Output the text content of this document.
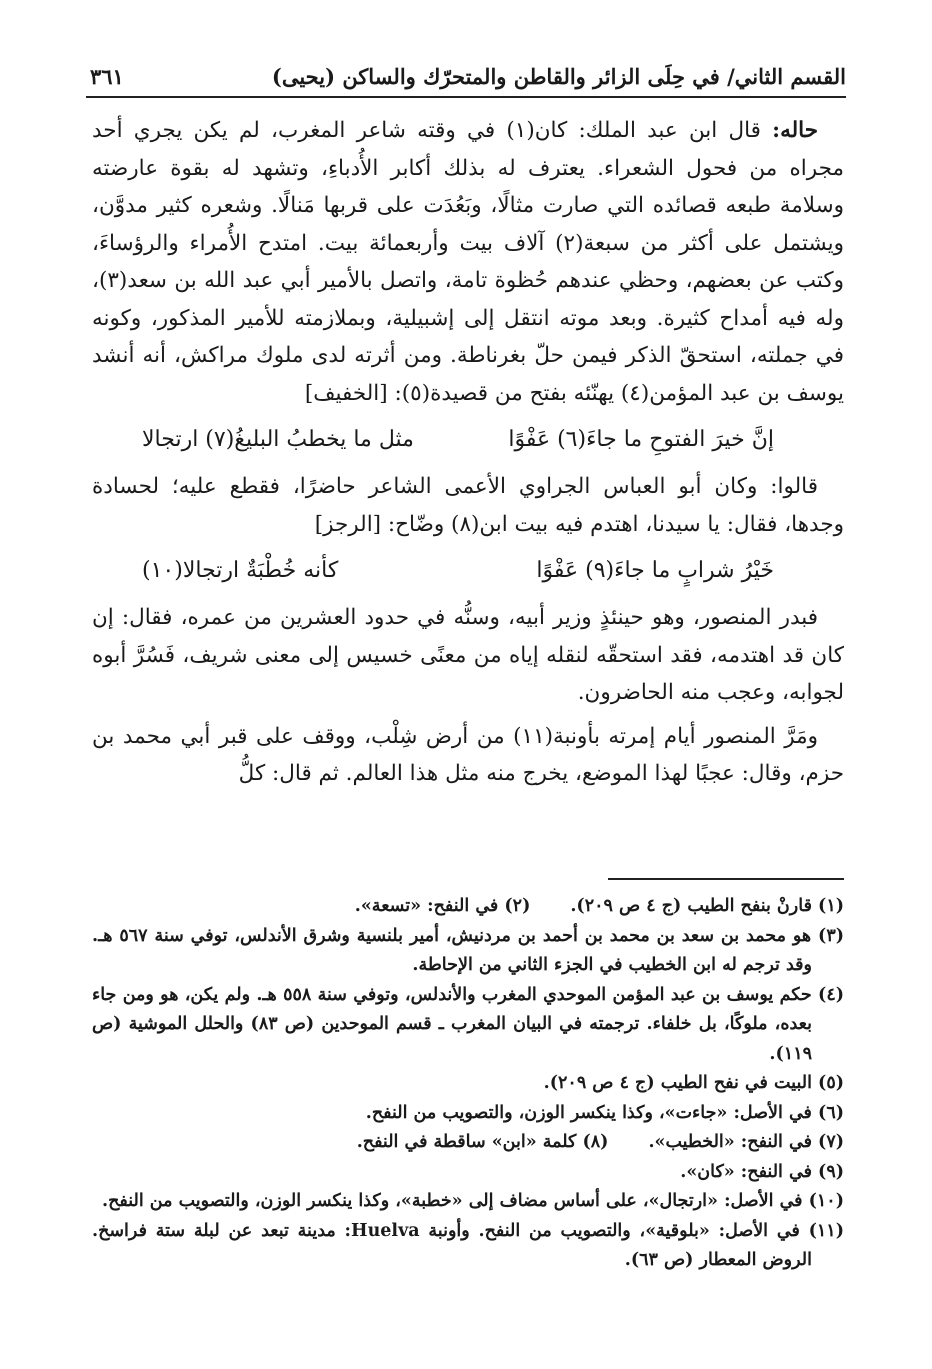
القسم الثاني/ في حِلَى الزائر والقاطن والمتحرّك والساكن (يحيى)
٣٦١

حاله: قال ابن عبد الملك: كان(١) في وقته شاعر المغرب، لم يكن يجري أحد مجراه من فحول الشعراء. يعترف له بذلك أكابر الأُدباءِ، وتشهد له بقوة عارضته وسلامة طبعه قصائده التي صارت مثالًا، وبَعُدَت على قربها مَنالًا. وشعره كثير مدوَّن، ويشتمل على أكثر من سبعة(٢) آلاف بيت وأربعمائة بيت. امتدح الأُمراء والرؤساءَ، وكتب عن بعضهم، وحظي عندهم حُظوة تامة، واتصل بالأمير أبي عبد الله بن سعد(٣)، وله فيه أمداح كثيرة. وبعد موته انتقل إلى إشبيلية، وبملازمته للأمير المذكور، وكونه في جملته، استحقّ الذكر فيمن حلّ بغرناطة. ومن أثرته لدى ملوك مراكش، أنه أنشد يوسف بن عبد المؤمن(٤) يهنّئه بفتح من قصيدة(٥): [الخفيف]

إنَّ خيرَ الفتوحِ ما جاءَ(٦) عَفْوًا
مثل ما يخطبُ البليغُ(٧) ارتجالا

قالوا: وكان أبو العباس الجراوي الأعمى الشاعر حاضرًا، فقطع عليه؛ لحسادة وجدها، فقال: يا سيدنا، اهتدم فيه بيت ابن(٨) وضّاح: [الرجز]

خَيْرُ شرابٍ ما جاءَ(٩) عَفْوًا
كأنه خُطْبَةٌ ارتجالا(١٠)

فبدر المنصور، وهو حينئذٍ وزير أبيه، وسنُّه في حدود العشرين من عمره، فقال: إن كان قد اهتدمه، فقد استحقّه لنقله إياه من معنًى خسيس إلى معنى شريف، فَسُرَّ أبوه لجوابه، وعجب منه الحاضرون.

ومَرَّ المنصور أيام إمرته بأونبة(١١) من أرض شِلْب، ووقف على قبر أبي محمد بن حزم، وقال: عجبًا لهذا الموضع، يخرج منه مثل هذا العالم. ثم قال: كلُّ

(١) قارنْ بنفح الطيب (ج ٤ ص ٢٠٩).

(٢) في النفح: «تسعة».

(٣) هو محمد بن سعد بن محمد بن أحمد بن مردنيش، أمير بلنسية وشرق الأندلس، توفي سنة ٥٦٧ هـ. وقد ترجم له ابن الخطيب في الجزء الثاني من الإحاطة.

(٤) حكم يوسف بن عبد المؤمن الموحدي المغرب والأندلس، وتوفي سنة ٥٥٨ هـ. ولم يكن، هو ومن جاء بعده، ملوكًا، بل خلفاء. ترجمته في البيان المغرب ـ قسم الموحدين (ص ٨٣) والحلل الموشية (ص ١١٩).

(٥) البيت في نفح الطيب (ج ٤ ص ٢٠٩).

(٦) في الأصل: «جاءت»، وكذا ينكسر الوزن، والتصويب من النفح.

(٧) في النفح: «الخطيب».

(٨) كلمة «ابن» ساقطة في النفح.

(٩) في النفح: «كان».

(١٠) في الأصل: «ارتجال»، على أساس مضاف إلى «خطبة»، وكذا ينكسر الوزن، والتصويب من النفح.

(١١) في الأصل: «بلوقية»، والتصويب من النفح. وأونبة Huelva: مدينة تبعد عن لبلة ستة فراسخ. الروض المعطار (ص ٦٣).
